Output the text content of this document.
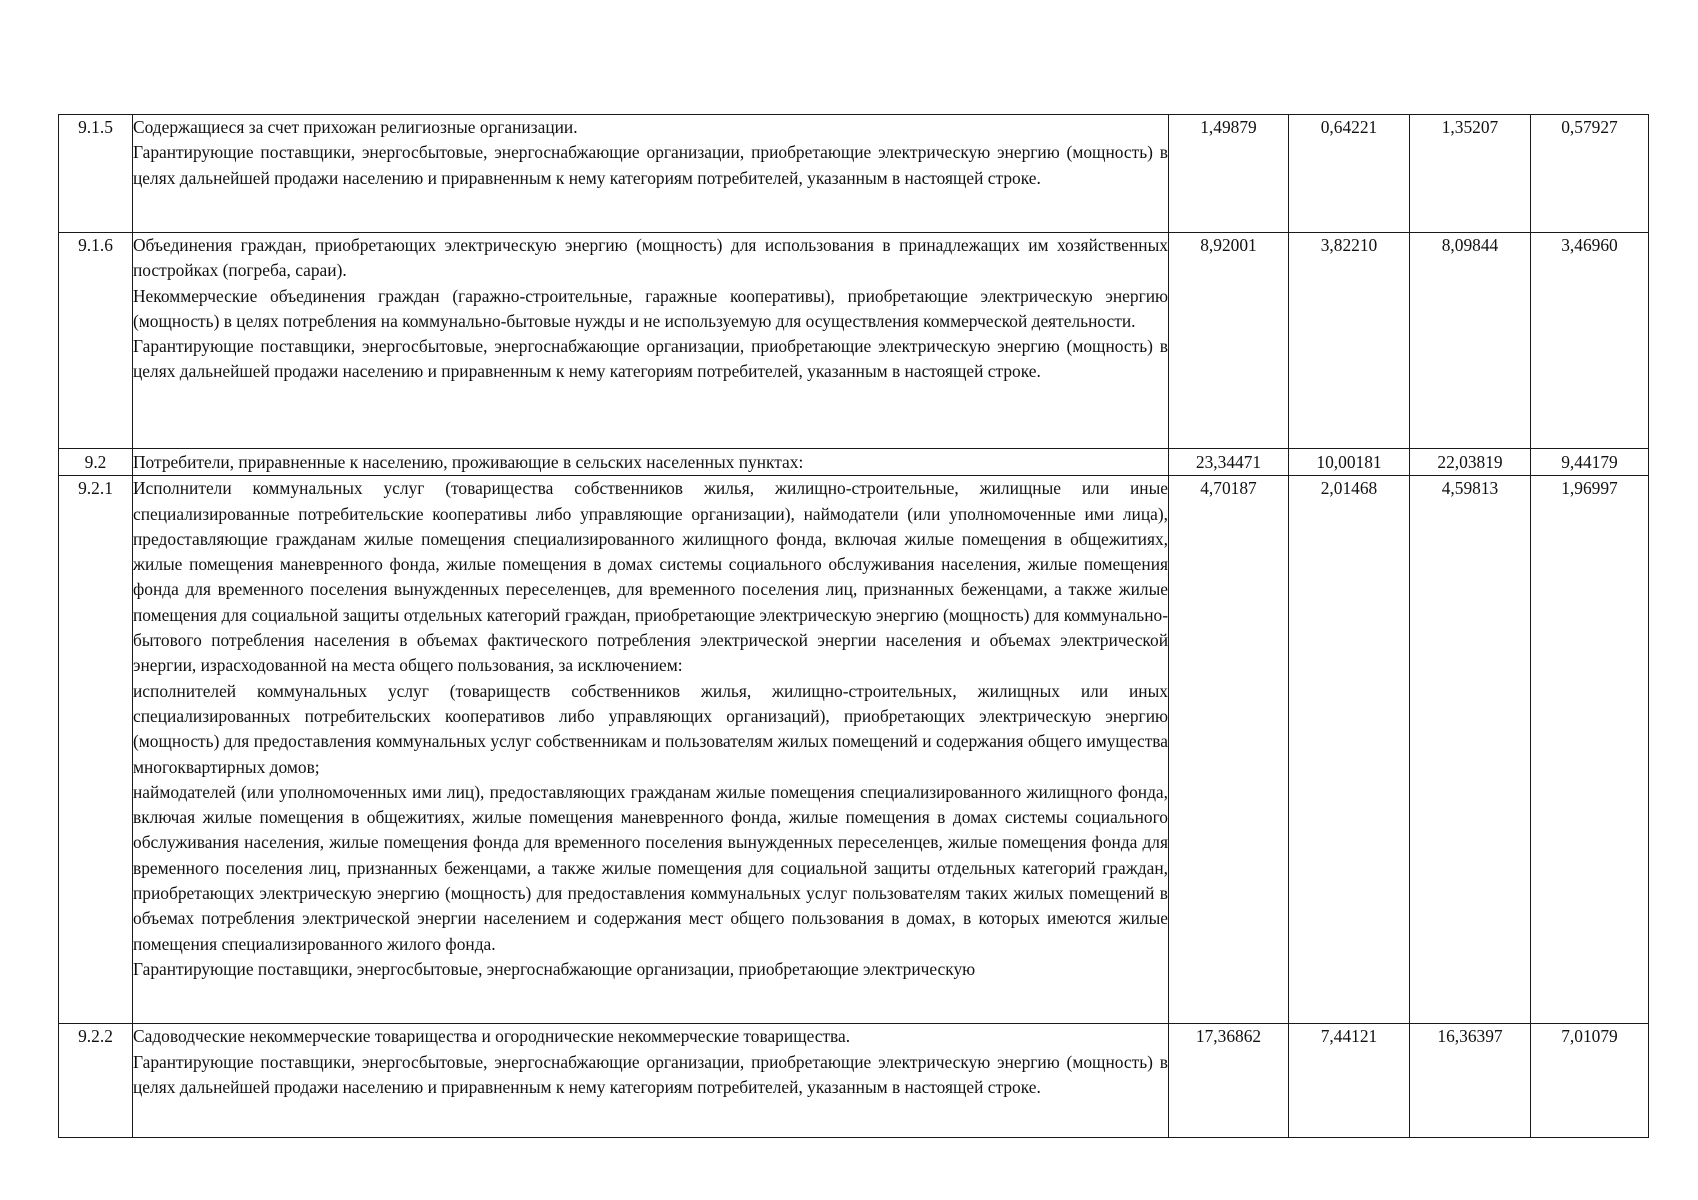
9.1.5	Содержащиеся за счет прихожан религиозные организации.
Гарантирующие поставщики, энергосбытовые, энергоснабжающие организации, приобретающие электрическую энергию (мощность) в целях дальнейшей продажи населению и приравненным к нему категориям потребителей, указанным в настоящей строке.	1,49879	0,64221	1,35207	0,57927
9.1.6	Объединения граждан, приобретающих электрическую энергию (мощность) для использования в принадлежащих им хозяйственных постройках (погреба, сараи).
Некоммерческие объединения граждан (гаражно-строительные, гаражные кооперативы), приобретающие электрическую энергию (мощность) в целях потребления на коммунально-бытовые нужды и не используемую для осуществления коммерческой деятельности.
Гарантирующие поставщики, энергосбытовые, энергоснабжающие организации, приобретающие электрическую энергию (мощность) в целях дальнейшей продажи населению и приравненным к нему категориям потребителей, указанным в настоящей строке.	8,92001	3,82210	8,09844	3,46960
9.2	Потребители, приравненные к населению, проживающие в сельских населенных пунктах:	23,34471	10,00181	22,03819	9,44179
9.2.1	Исполнители коммунальных услуг (товарищества собственников жилья, жилищно-строительные, жилищные или иные специализированные потребительские кооперативы либо управляющие организации), наймодатели (или уполномоченные ими лица), предоставляющие гражданам жилые помещения специализированного жилищного фонда, включая жилые помещения в общежитиях, жилые помещения маневренного фонда, жилые помещения в домах системы социального обслуживания населения, жилые помещения фонда для временного поселения вынужденных переселенцев, для временного поселения лиц, признанных беженцами, а также жилые помещения для социальной защиты отдельных категорий граждан, приобретающие электрическую энергию (мощность) для коммунально-бытового потребления населения в объемах фактического потребления электрической энергии населения и объемах электрической энергии, израсходованной на места общего пользования, за исключением:
исполнителей коммунальных услуг (товариществ собственников жилья, жилищно-строительных, жилищных или иных специализированных потребительских кооперативов либо управляющих организаций), приобретающих электрическую энергию (мощность) для предоставления коммунальных услуг собственникам и пользователям жилых помещений и содержания общего имущества многоквартирных домов;
наймодателей (или уполномоченных ими лиц), предоставляющих гражданам жилые помещения специализированного жилищного фонда, включая жилые помещения в общежитиях, жилые помещения маневренного фонда, жилые помещения в домах системы социального обслуживания населения, жилые помещения фонда для временного поселения вынужденных переселенцев, жилые помещения фонда для временного поселения лиц, признанных беженцами, а также жилые помещения для социальной защиты отдельных категорий граждан, приобретающих электрическую энергию (мощность) для предоставления коммунальных услуг пользователям таких жилых помещений в объемах потребления электрической энергии населением и содержания мест общего пользования в домах, в которых имеются жилые помещения специализированного жилого фонда.
Гарантирующие поставщики, энергосбытовые, энергоснабжающие организации, приобретающие электрическую	4,70187	2,01468	4,59813	1,96997
9.2.2	Садоводческие некоммерческие товарищества и огороднические некоммерческие товарищества.
Гарантирующие поставщики, энергосбытовые, энергоснабжающие организации, приобретающие электрическую энергию (мощность) в целях дальнейшей продажи населению и приравненным к нему категориям потребителей, указанным в настоящей строке.	17,36862	7,44121	16,36397	7,01079
